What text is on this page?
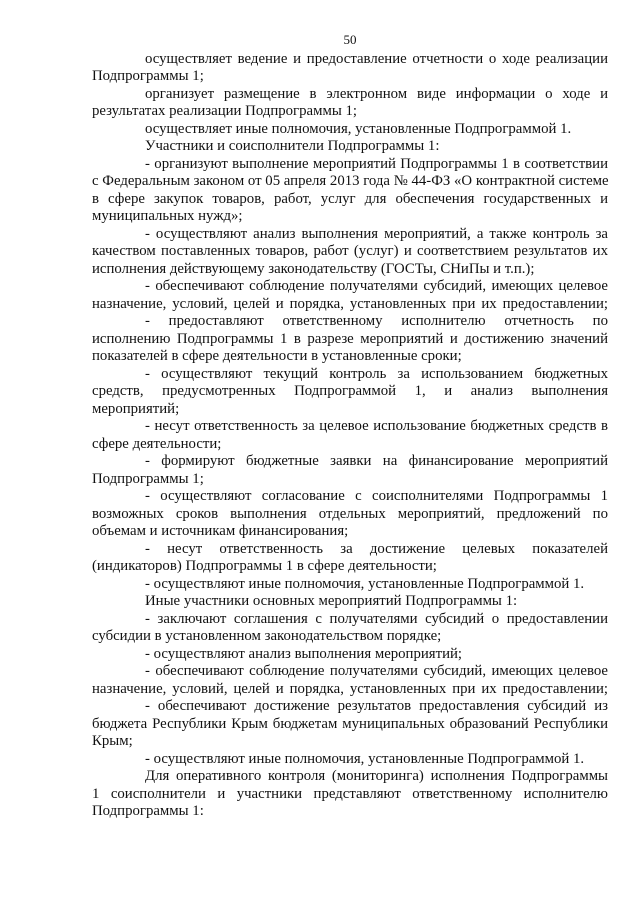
50
осуществляет ведение и предоставление отчетности о ходе реализации
Подпрограммы 1;
организует размещение в электронном виде информации о ходе и
результатах реализации Подпрограммы 1;
осуществляет иные полномочия, установленные Подпрограммой 1.
Участники и соисполнители Подпрограммы 1:
- организуют выполнение мероприятий Подпрограммы 1 в соответствии
с Федеральным законом от 05 апреля 2013 года № 44-ФЗ «О контрактной системе
в сфере закупок товаров, работ, услуг для обеспечения государственных и
муниципальных нужд»;
- осуществляют анализ выполнения мероприятий, а также контроль за
качеством поставленных товаров, работ (услуг) и соответствием результатов их
исполнения действующему законодательству (ГОСТы, СНиПы и т.п.);
- обеспечивают соблюдение получателями субсидий, имеющих целевое
назначение, условий, целей и порядка, установленных при их предоставлении;
- предоставляют ответственному исполнителю отчетность по
исполнению Подпрограммы 1 в разрезе мероприятий и достижению значений
показателей в сфере деятельности в установленные сроки;
- осуществляют текущий контроль за использованием бюджетных
средств, предусмотренных Подпрограммой 1, и анализ выполнения
мероприятий;
- несут ответственность за целевое использование бюджетных средств в
сфере деятельности;
- формируют бюджетные заявки на финансирование мероприятий
Подпрограммы 1;
- осуществляют согласование с соисполнителями Подпрограммы 1
возможных сроков выполнения отдельных мероприятий, предложений по
объемам и источникам финансирования;
- несут ответственность за достижение целевых показателей
(индикаторов) Подпрограммы 1 в сфере деятельности;
- осуществляют иные полномочия, установленные Подпрограммой 1.
Иные участники основных мероприятий Подпрограммы 1:
- заключают соглашения с получателями субсидий о предоставлении
субсидии в установленном законодательством порядке;
- осуществляют анализ выполнения мероприятий;
- обеспечивают соблюдение получателями субсидий, имеющих целевое
назначение, условий, целей и порядка, установленных при их предоставлении;
- обеспечивают достижение результатов предоставления субсидий из
бюджета Республики Крым бюджетам муниципальных образований Республики
Крым;
- осуществляют иные полномочия, установленные Подпрограммой 1.
Для оперативного контроля (мониторинга) исполнения Подпрограммы
1 соисполнители и участники представляют ответственному исполнителю
Подпрограммы 1:
